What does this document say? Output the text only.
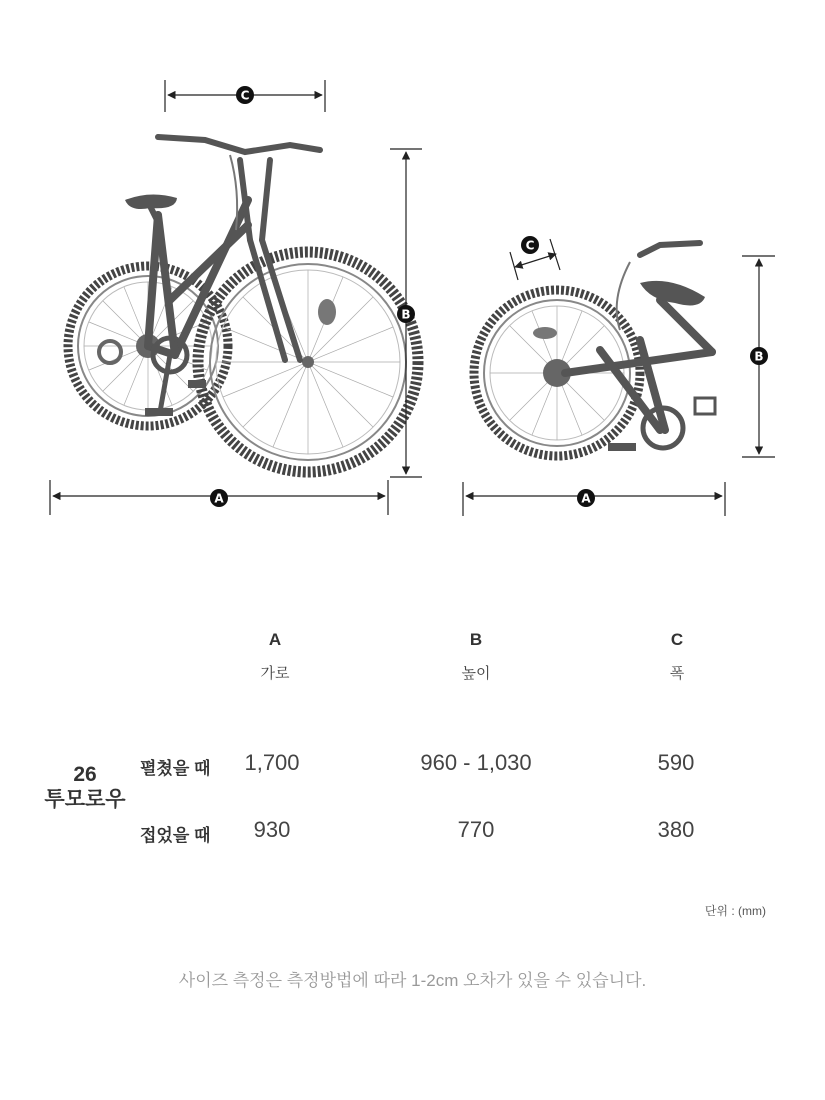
C
B
A
C
B
A
A	B	C
가로	높이	폭
26
투모로우
펼쳤을 때	1,700	960 - 1,030	590
접었을 때	930	770	380
단위 : (mm)
사이즈 측정은 측정방법에 따라 1-2cm 오차가 있을 수 있습니다.
